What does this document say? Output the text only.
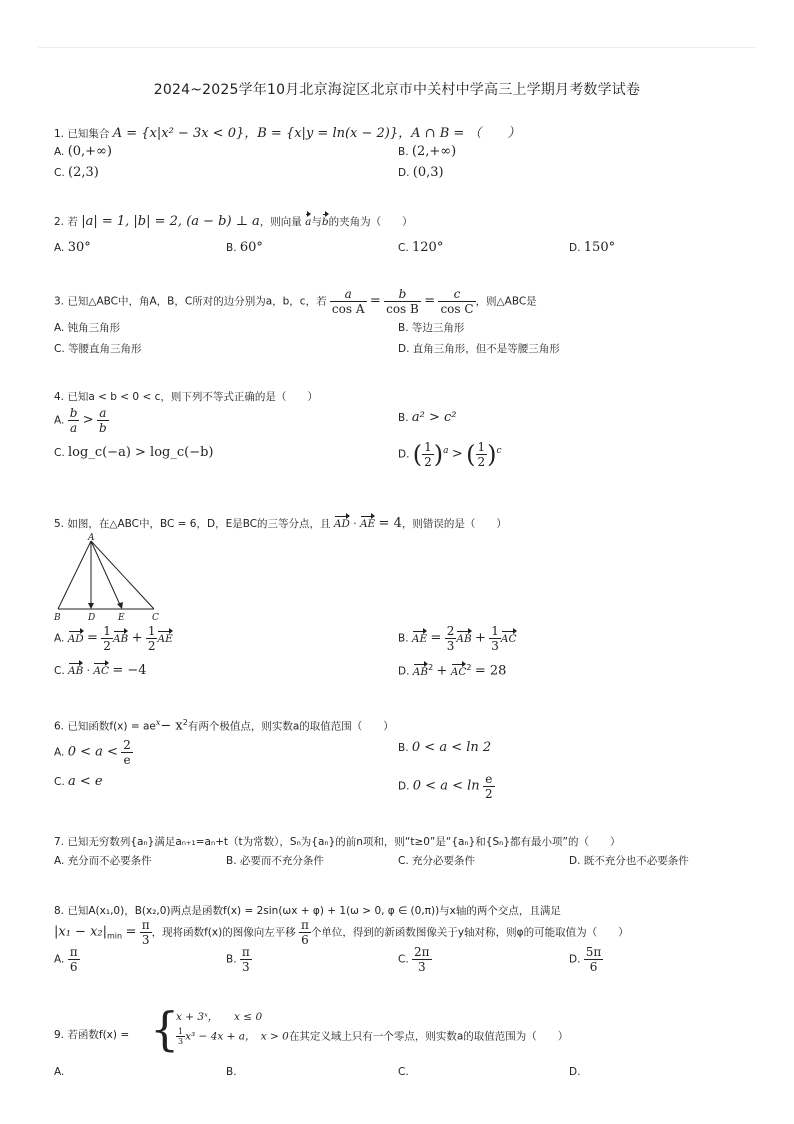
2024~2025学年10月北京海淀区北京市中关村中学高三上学期月考数学试卷
1. 已知集合 A = {x|x² − 3x < 0}，B = {x|y = ln(x − 2)}，A ∩ B = （　　）
A. (0,+∞)	B. (2,+∞)
C. (2,3)	D. (0,3)
2. 若 |a| = 1, |b| = 2, (a − b) ⊥ a，则向量 a与b的夹角为（　　）
A. 30°	B. 60°	C. 120°	D. 150°
3. 已知△ABC中，角A，B，C所对的边分别为a，b，c，若 $\frac{a}{\text{cos A}} = \frac{b}{\text{cos B}} = \frac{c}{\text{cos C}}$ ，则△ABC是
A. 钝角三角形	B. 等边三角形
C. 等腰直角三角形	D. 直角三角形，但不是等腰三角形
4. 已知a < b < 0 < c，则下列不等式正确的是（　　）
A. $\frac{b}{a} > \frac{a}{b}$	B. a² > c²
C. log_c(−a) > log_c(−b)	D. ( $\frac{1}{2} )^a$ > ( $\frac{1}{2} )^c$
5. 如图，在△ABC中，BC = 6，D，E是BC的三等分点，且 AD · AE = 4，则错误的是（　　）
A
B	D	E	C
A. AD = $\frac{1}{2}$ AB + $\frac{1}{2}$ AE	B. AE = $\frac{2}{3}$ AB + $\frac{1}{3}$ AC
C. AB · AC = −4	D. $AB^2 + AC^2 = 28$
6. 已知函数$f(x) = ae^x- x^2$有两个极值点，则实数a的取值范围（　　）
A. $0 < a < \frac{2}{e}$	B. 0 < a < ln 2
C. a < e	D. $0 < a < \ln \frac{e}{2}$
7. 已知无穷数列{aₙ}满足aₙ₊₁=aₙ+t（t为常数），Sₙ为{aₙ}的前n项和，则“t≥0”是“{aₙ}和{Sₙ}都有最小项”的（　　）
A. 充分而不必要条件	B. 必要而不充分条件	C. 充分必要条件	D. 既不充分也不必要条件
8. 已知A(x₁,0)，B(x₂,0)两点是函数f(x) = 2sin(ωx + φ) + 1(ω > 0, φ ∈ (0,π))与x轴的两个交点，且满足
$|x_1 - x_2|_{min} = \frac{\pi}{3}$ ，现将函数f(x)的图像向左平移 $\frac{\pi}{6}$ 个单位，得到的新函数图像关于y轴对称，则φ的可能取值为（　　）
A. $\frac{\pi}{6}$	B. $\frac{\pi}{3}$	C. $\frac{2\pi}{3}$	D. $\frac{5\pi}{6}$
9. 若函数f(x) = {
x + 3ˣ，　　x ≤ 0
$\frac{1}{3} x^3 - 4x + a$，　x > 0在其定义域上只有一个零点，则实数a的取值范围为（　　）
A.	B.	C.	D.
